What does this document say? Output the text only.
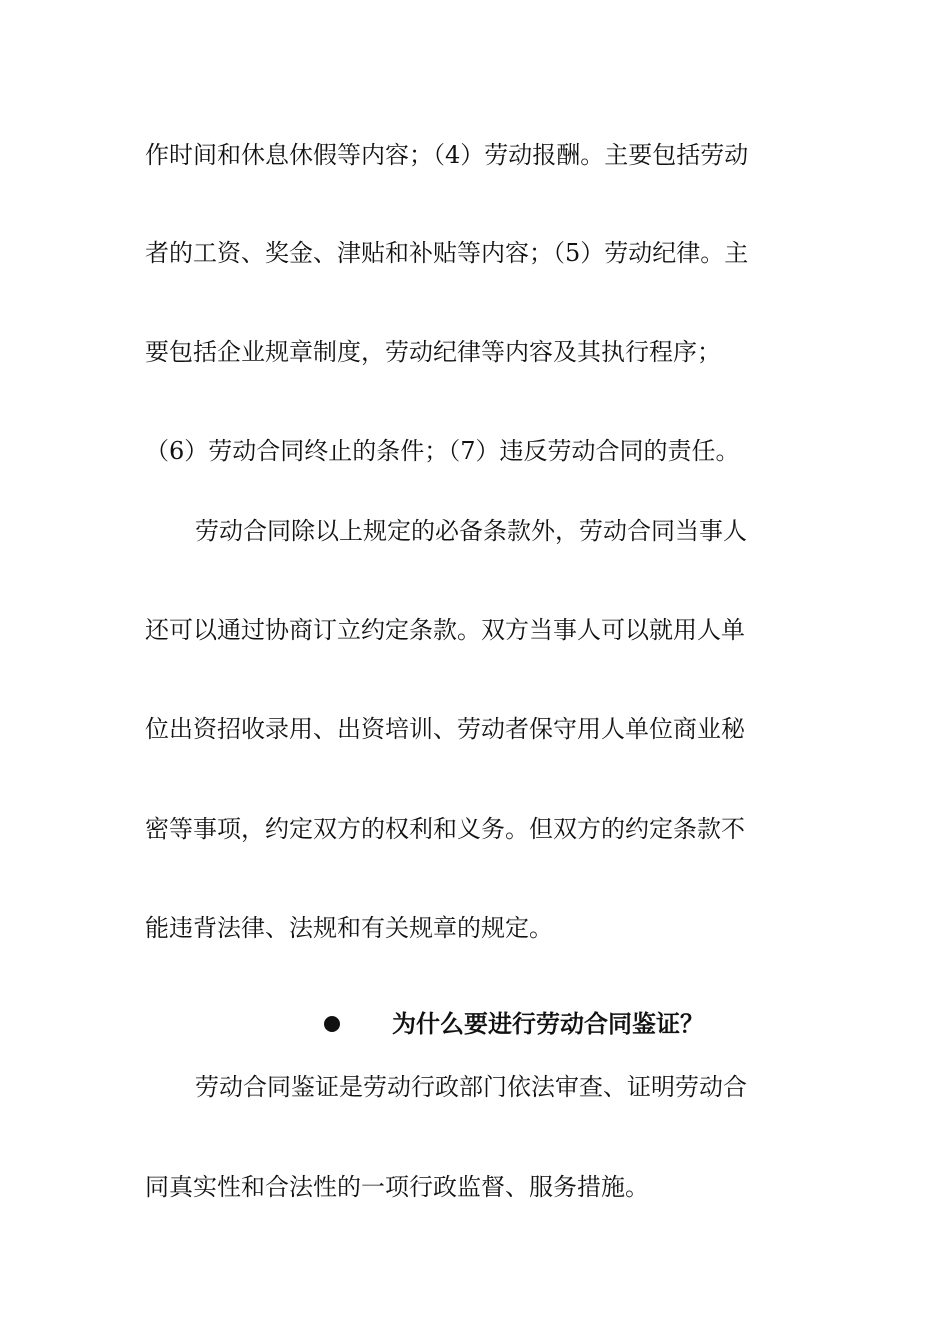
作时间和休息休假等内容；（4）劳动报酬。主要包括劳动
者的工资、奖金、津贴和补贴等内容；（5）劳动纪律。主
要包括企业规章制度，劳动纪律等内容及其执行程序；
（6）劳动合同终止的条件；（7）违反劳动合同的责任。
劳动合同除以上规定的必备条款外，劳动合同当事人
还可以通过协商订立约定条款。双方当事人可以就用人单
位出资招收录用、出资培训、劳动者保守用人单位商业秘
密等事项，约定双方的权利和义务。但双方的约定条款不
能违背法律、法规和有关规章的规定。
为什么要进行劳动合同鉴证？
劳动合同鉴证是劳动行政部门依法审查、证明劳动合
同真实性和合法性的一项行政监督、服务措施。
